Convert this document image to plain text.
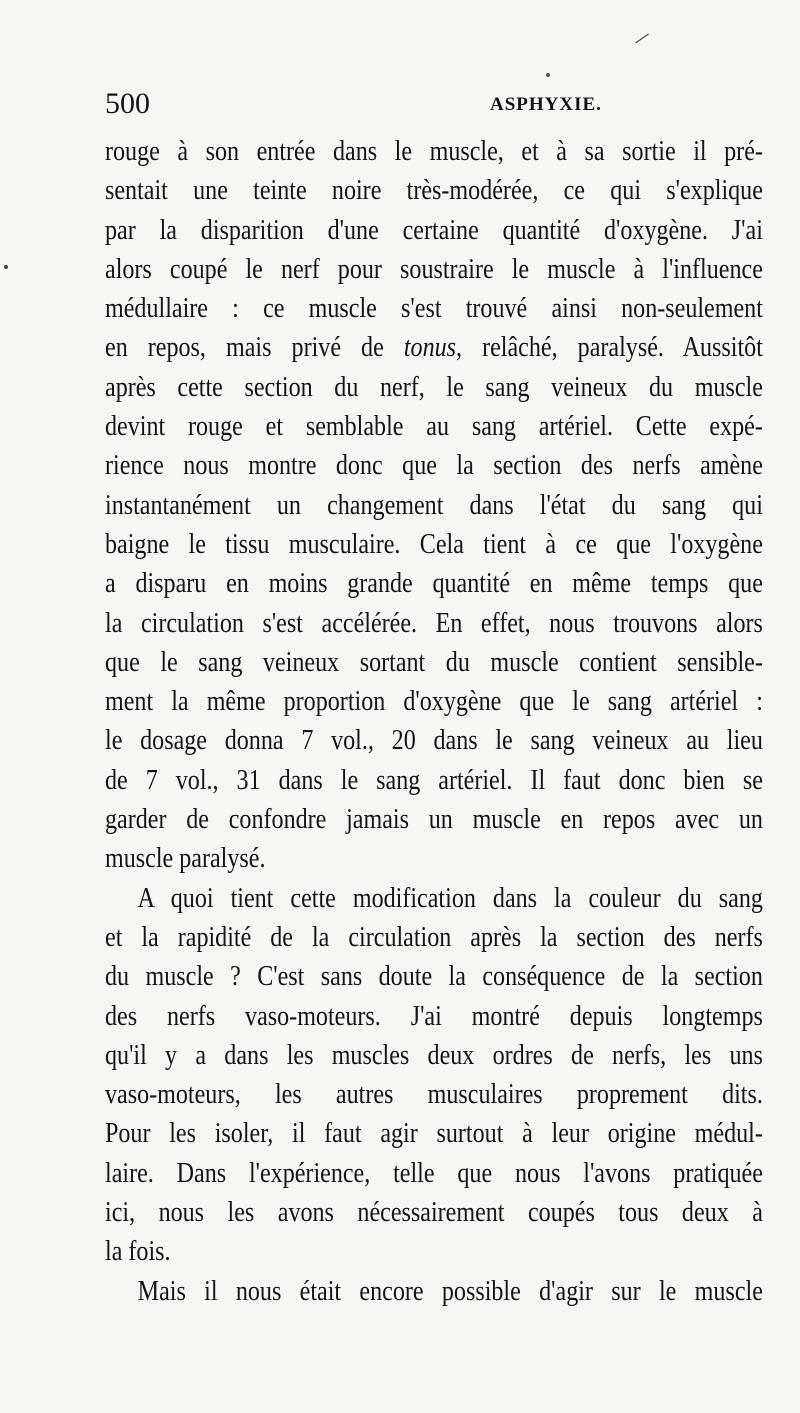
500	ASPHYXIE.
rouge à son entrée dans le muscle, et à sa sortie il pré-
sentait une teinte noire très-modérée, ce qui s'explique
par la disparition d'une certaine quantité d'oxygène. J'ai
alors coupé le nerf pour soustraire le muscle à l'influence
médullaire : ce muscle s'est trouvé ainsi non-seulement
en repos, mais privé de tonus, relâché, paralysé. Aussitôt
après cette section du nerf, le sang veineux du muscle
devint rouge et semblable au sang artériel. Cette expé-
rience nous montre donc que la section des nerfs amène
instantanément un changement dans l'état du sang qui
baigne le tissu musculaire. Cela tient à ce que l'oxygène
a disparu en moins grande quantité en même temps que
la circulation s'est accélérée. En effet, nous trouvons alors
que le sang veineux sortant du muscle contient sensible-
ment la même proportion d'oxygène que le sang artériel :
le dosage donna 7 vol., 20 dans le sang veineux au lieu
de 7 vol., 31 dans le sang artériel. Il faut donc bien se
garder de confondre jamais un muscle en repos avec un
muscle paralysé.
A quoi tient cette modification dans la couleur du sang
et la rapidité de la circulation après la section des nerfs
du muscle ? C'est sans doute la conséquence de la section
des nerfs vaso-moteurs. J'ai montré depuis longtemps
qu'il y a dans les muscles deux ordres de nerfs, les uns
vaso-moteurs, les autres musculaires proprement dits.
Pour les isoler, il faut agir surtout à leur origine médul-
laire. Dans l'expérience, telle que nous l'avons pratiquée
ici, nous les avons nécessairement coupés tous deux à
la fois.
Mais il nous était encore possible d'agir sur le muscle
